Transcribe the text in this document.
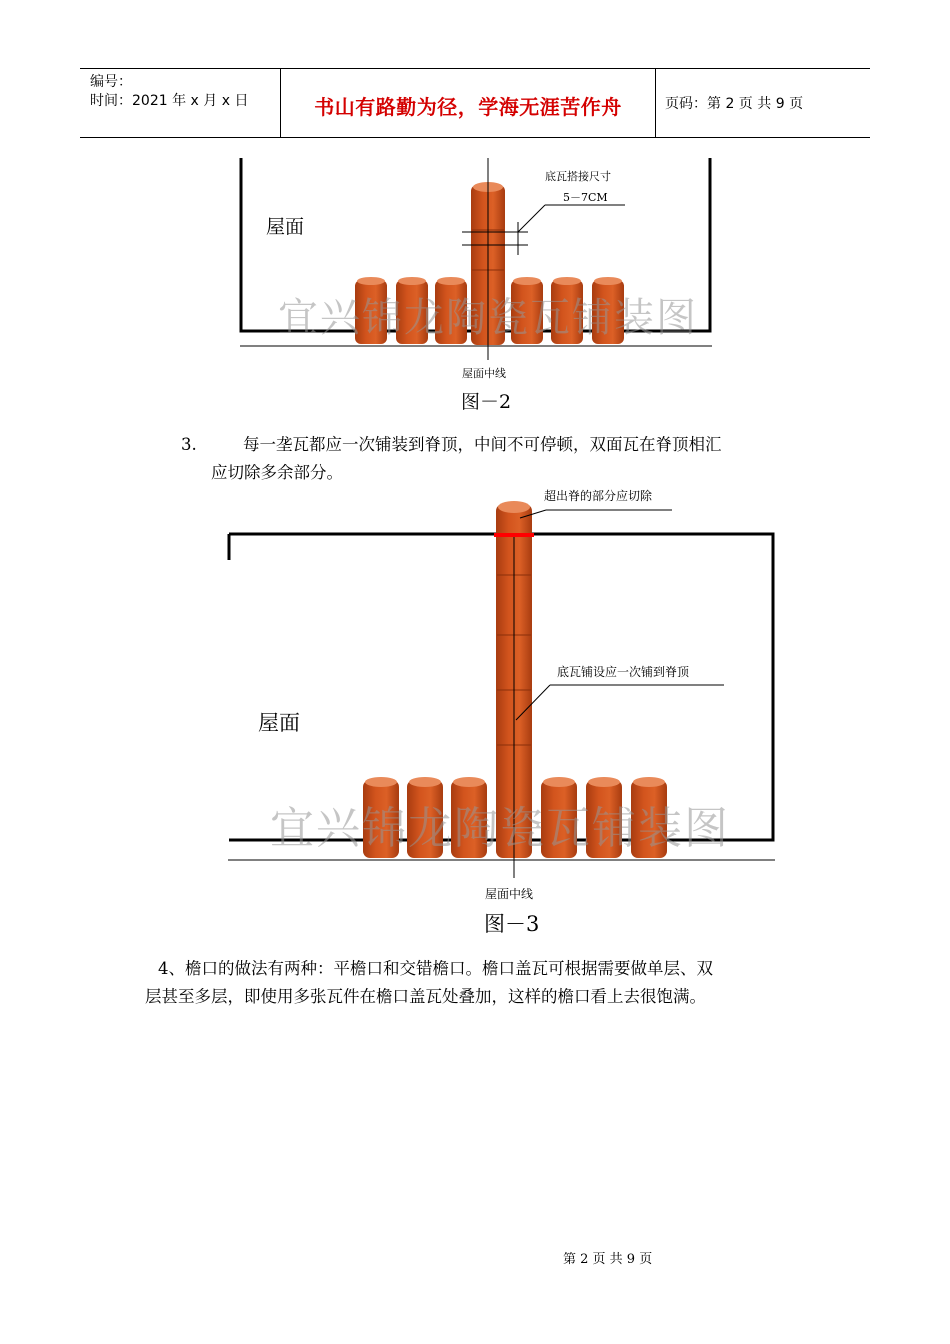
编号：
时间：2021 年 x 月 x 日	书山有路勤为径，学海无涯苦作舟	页码：第 2 页 共 9 页
底瓦搭接尺寸
5－7CM
屋面
宜兴锦龙陶瓷瓦铺装图
屋面中线
图－2
3.	每一垄瓦都应一次铺装到脊顶，中间不可停顿，双面瓦在脊顶相汇
应切除多余部分。
超出脊的部分应切除
底瓦铺设应一次铺到脊顶
屋面
宜兴锦龙陶瓷瓦铺装图
屋面中线
图－3
4、檐口的做法有两种：平檐口和交错檐口。檐口盖瓦可根据需要做单层、双
层甚至多层，即使用多张瓦件在檐口盖瓦处叠加，这样的檐口看上去很饱满。
第 2 页 共 9 页
